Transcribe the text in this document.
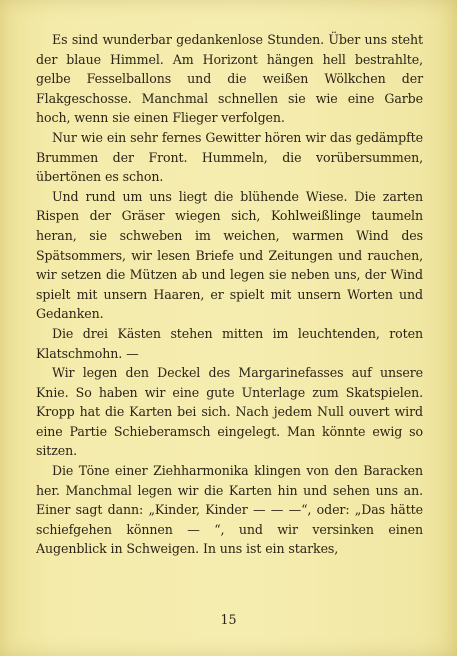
Es sind wunderbar gedankenlose Stunden. Über uns steht der blaue Himmel. Am Horizont hängen hell bestrahlte, gelbe Fesselballons und die weißen Wölkchen der Flakgeschosse. Manchmal schnellen sie wie eine Garbe hoch, wenn sie einen Flieger verfolgen.

Nur wie ein sehr fernes Gewitter hören wir das gedämpfte Brummen der Front. Hummeln, die vorübersummen, übertönen es schon.

Und rund um uns liegt die blühende Wiese. Die zarten Rispen der Gräser wiegen sich, Kohlweißlinge taumeln heran, sie schweben im weichen, warmen Wind des Spätsommers, wir lesen Briefe und Zeitungen und rauchen, wir setzen die Mützen ab und legen sie neben uns, der Wind spielt mit unsern Haaren, er spielt mit unsern Worten und Gedanken.

Die drei Kästen stehen mitten im leuchtenden, roten Klatschmohn. —

Wir legen den Deckel des Margarinefasses auf unsere Knie. So haben wir eine gute Unterlage zum Skatspielen. Kropp hat die Karten bei sich. Nach jedem Null ouvert wird eine Partie Schieberamsch eingelegt. Man könnte ewig so sitzen.

Die Töne einer Ziehharmonika klingen von den Baracken her. Manchmal legen wir die Karten hin und sehen uns an. Einer sagt dann: „Kinder, Kinder — — —“, oder: „Das hätte schiefgehen können — “, und wir versinken einen Augenblick in Schweigen. In uns ist ein starkes,

15
